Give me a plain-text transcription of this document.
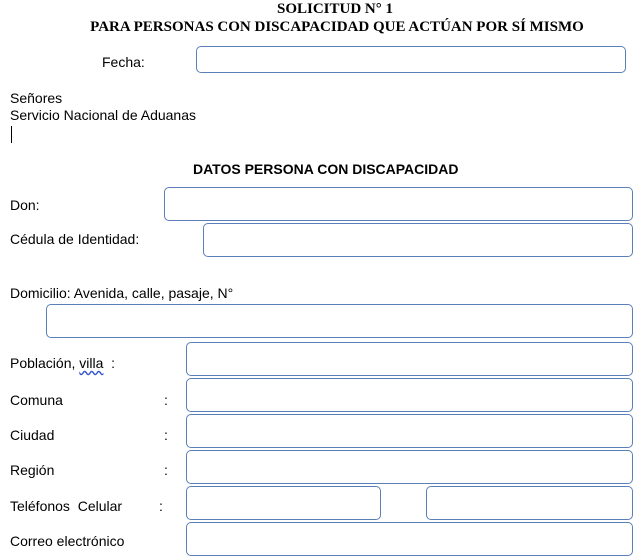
SOLICITUD N° 1
PARA PERSONAS CON DISCAPACIDAD QUE ACTÚAN POR SÍ MISMO
Fecha:
Señores
Servicio Nacional de Aduanas
DATOS PERSONA CON DISCAPACIDAD
Don:
Cédula de Identidad:
Domicilio: Avenida, calle, pasaje, N°
Población, villa  :
Comuna	:
Ciudad	:
Región	:
Teléfonos  Celular	:
Correo electrónico
